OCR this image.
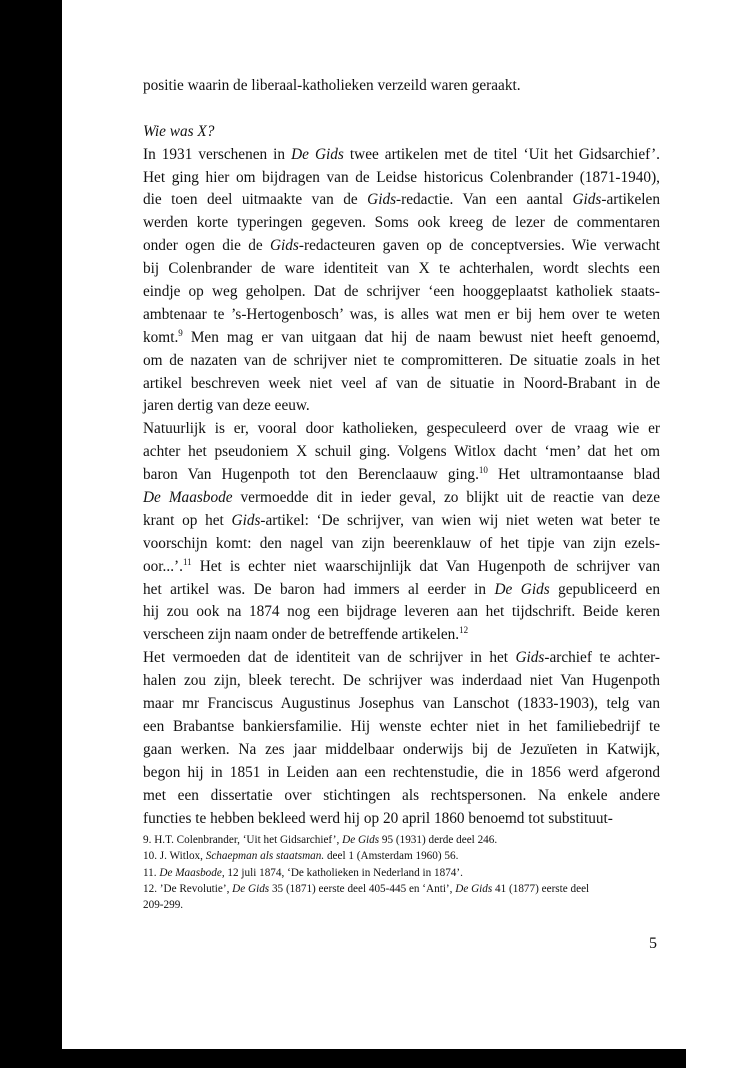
positie waarin de liberaal-katholieken verzeild waren geraakt.
Wie was X?
In 1931 verschenen in De Gids twee artikelen met de titel ‘Uit het Gidsarchief’.
Het ging hier om bijdragen van de Leidse historicus Colenbrander (1871-1940),
die toen deel uitmaakte van de Gids-redactie. Van een aantal Gids-artikelen
werden korte typeringen gegeven. Soms ook kreeg de lezer de commentaren
onder ogen die de Gids-redacteuren gaven op de conceptversies. Wie verwacht
bij Colenbrander de ware identiteit van X te achterhalen, wordt slechts een
eindje op weg geholpen. Dat de schrijver ‘een hooggeplaatst katholiek staats-
ambtenaar te ’s-Hertogenbosch’ was, is alles wat men er bij hem over te weten
komt.$^9$ Men mag er van uitgaan dat hij de naam bewust niet heeft genoemd,
om de nazaten van de schrijver niet te compromitteren. De situatie zoals in het
artikel beschreven week niet veel af van de situatie in Noord-Brabant in de
jaren dertig van deze eeuw.
Natuurlijk is er, vooral door katholieken, gespeculeerd over de vraag wie er
achter het pseudoniem X schuil ging. Volgens Witlox dacht ‘men’ dat het om
baron Van Hugenpoth tot den Berenclaauw ging.$^{10}$ Het ultramontaanse blad
De Maasbode vermoedde dit in ieder geval, zo blijkt uit de reactie van deze
krant op het Gids-artikel: ‘De schrijver, van wien wij niet weten wat beter te
voorschijn komt: den nagel van zijn beerenklauw of het tipje van zijn ezels-
oor...’.$^{11}$ Het is echter niet waarschijnlijk dat Van Hugenpoth de schrijver van
het artikel was. De baron had immers al eerder in De Gids gepubliceerd en
hij zou ook na 1874 nog een bijdrage leveren aan het tijdschrift. Beide keren
verscheen zijn naam onder de betreffende artikelen.$^{12}$
Het vermoeden dat de identiteit van de schrijver in het Gids-archief te achter-
halen zou zijn, bleek terecht. De schrijver was inderdaad niet Van Hugenpoth
maar mr Franciscus Augustinus Josephus van Lanschot (1833-1903), telg van
een Brabantse bankiersfamilie. Hij wenste echter niet in het familiebedrijf te
gaan werken. Na zes jaar middelbaar onderwijs bij de Jezuïeten in Katwijk,
begon hij in 1851 in Leiden aan een rechtenstudie, die in 1856 werd afgerond
met een dissertatie over stichtingen als rechtspersonen. Na enkele andere
functies te hebben bekleed werd hij op 20 april 1860 benoemd tot substituut-
9. H.T. Colenbrander, ‘Uit het Gidsarchief’, De Gids 95 (1931) derde deel 246.
10. J. Witlox, Schaepman als staatsman. deel 1 (Amsterdam 1960) 56.
11. De Maasbode, 12 juli 1874, ‘De katholieken in Nederland in 1874’.
12. ’De Revolutie’, De Gids 35 (1871) eerste deel 405-445 en ‘Anti’, De Gids 41 (1877) eerste deel
209-299.
5
